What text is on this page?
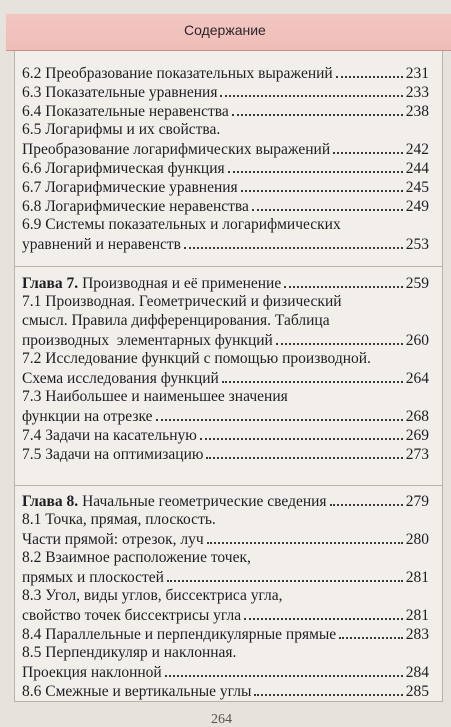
Содержание
6.2 Преобразование показательных выражений	231
6.3 Показательные уравнения	233
6.4 Показательные неравенства	238
6.5 Логарифмы и их свойства.
Преобразование логарифмических выражений	242
6.6 Логарифмическая функция	244
6.7 Логарифмические уравнения	245
6.8 Логарифмические неравенства	249
6.9 Системы показательных и логарифмических
уравнений и неравенств	253
Глава 7. Производная и её применение	259
7.1 Производная. Геометрический и физический
смысл. Правила дифференцирования. Таблица
производных  элементарных функций	260
7.2 Исследование функций с помощью производной.
Схема исследования функций	264
7.3 Наибольшее и наименьшее значения
функции на отрезке	268
7.4 Задачи на касательную	269
7.5 Задачи на оптимизацию	273
Глава 8. Начальные геометрические сведения	279
8.1 Точка, прямая, плоскость.
Части прямой: отрезок, луч	280
8.2 Взаимное расположение точек,
прямых и плоскостей	281
8.3 Угол, виды углов, биссектриса угла,
свойство точек биссектрисы угла	281
8.4 Параллельные и перпендикулярные прямые	283
8.5 Перпендикуляр и наклонная.
Проекция наклонной	284
8.6 Смежные и вертикальные углы	285
264
